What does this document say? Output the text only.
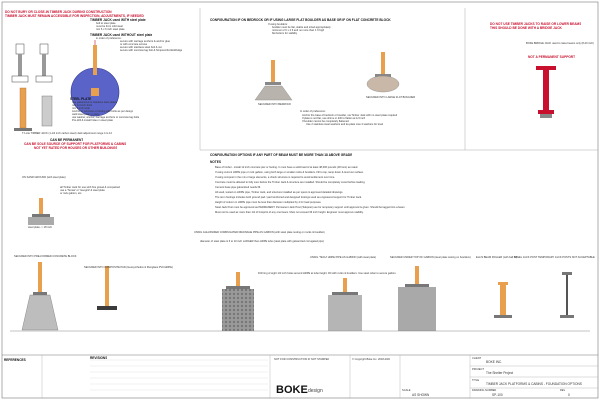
DO NOT BURY OR CLOSE-IN TIMBER JACK DURING CONSTRUCTION
TIMBER JACK MUST REMAIN ACCESSIBLE FOR INSPECTION, ADJUSTMENTS, IF NEEDED
TIMBER JACK used WITH steel plate
bolt to steel plate
must be from mild steel
min 6 x 6 inch steel plate
TIMBER JACK used WITHOUT steel plate
in order of preference:
secure with carriage anchors & anchor glue
or with concrete screws
secure with stainless steel bolt & nut
secure with concrete lag bolt & Simpson/Fortis/Wedge
STEEL PLATE
use galvanized or stainless steel plates
min 1/4 inch thick
min 6 inch wide
Anchor to concrete or footing with bolts as per design
weld steel plate in place
use washer, anchor, carriage anchors or concrete lag bolts
Pre-drill & install holes in steel plate
TJ-Lite TIMBER JACK (1-1/4 inch carbon steel) Jack adjustment range 4 to 12
CAN BE PERMANENT
CAN BE SOLE SOURCE OF SUPPORT FOR PLATFORMS & CABINS
NOT YET RATED FOR HOUSES OR OTHER BUILDINGS
CONFIGURATION IF ON BEDROCK OR IF USING LARGE FLAT BOULDER AS BASE OR IF ON FLAT CONCRETE BLOCK
If using boulders:
boulder must be flat, stable and sized appropriately
minimum 2 ft x 2 ft and no more than 1 ft high
flat bottom for stability
SECURED INTO BEDROCK
SECURED INTO LARGE FLAT BOULDER
In order of preference:
Anchor the base of bedrock or boulder, via Timber Jack with no steel plate required
If plate is not flat, use shims or drill to flatten at 1/4 inch
If boulder cannot be completely flattened:
Use 2 stainless steel washers and tie-plate max 2 washers for level
DO NOT USE TIMBER JACKS TO RAISE OR LOWER BEAMS
THIS SHOULD BE DONE WITH A BRIDGE JACK
BOKE BRIDGE JACK used to raise beams only (8-20 inch)
NOT A PERMANENT SUPPORT
CONFIGURATION OPTIONS IF ANY PART OF BEAM MUST BE MORE THAN 18 ABOVE GRADE
NOTES
Base of timber - install 12 inch concrete pier or footing. It must have a solid load of at least 48,000 pounds (18 tons) as rated.
If using current HDPE pipe or rock gabion, using both large or smaller rocks & boulders. Fill to top, tamp down & level out surface.
If using compost in the mix or large elements, a check structure is required to avoid settlement over time.
Concrete must be allowed to fully cure before the Timber Jack & structure are installed. Should be completely cured before loading.
Cement base pipe galvanized needs fill.
All used, tested on HDPE pipe, Timber Jack, and structure installed as per specs & approved detailed drawings.
The term footings includes both ground pad / pad reinforced and designed footings used as engineered support for Timber Jack.
Height of column in HDPE pipe must be less than diameter multiplied by 4 for load purposes.
Steel Jack Post must be approved as PERMANENT. Permanent Jack Post (Telepost) use for temporary support until approval is given. Should be lagged into a beam.
Must not be used as more than 1/2 of footprint of any one beam. Must not exceed 36 inch height. Engineer must approve stability.
ON SAND GROUND (with steel plate)
all Timber Jack for use with fine gravel & compacted
use a 'Tensar' or 'Geogrid' & steel plate
or rock gabion, etc.
steel plate -> 18 inch
SECURED INTO PRE-FORMED CONCRETE BLOCK
SECURED INTO COMPOSITE PAD (Geosynthetics & fiberglass PVC/HDPE)
USING GALVANIZED CORRUGATED DRAINAGE PIPE AS GABION (with steel plate resting on rocks & boulders)
USING 'TECH' HDPE PIPE AS GABION (with steel plate)	SECURED UNDER TOP OF GABION (steel plate resting on boulders) ELLIS BEAM ROLLER (with ball fill)
STEEL JACK POST TEMPORARY JACK POSTS NOT ACCEPTABLE
diameter of steel plate & 6 to 10 inch LARGER than HDPE tube (steel plate with galvanized corrugated pipe)
Drill ring of eight 1/2 inch holes around HDPE at tube height. Fill with rocks & boulders. Use steel rebar to secure gabion.
REFERENCES	REVISIONS	NOT FOR CONSTRUCTION IF NOT STAMPED
BOKE design
© Copyright Boke Inc. 2018-2024	CLIENT
BOKE INC.
PROJECT
The Shelter Project
TITLE
TIMBER JACK PLATFORMS & CABINS - FOUNDATION OPTIONS
SCALE
AS SHOWN
DRAWING NUMBER
SP-100
REV
0
